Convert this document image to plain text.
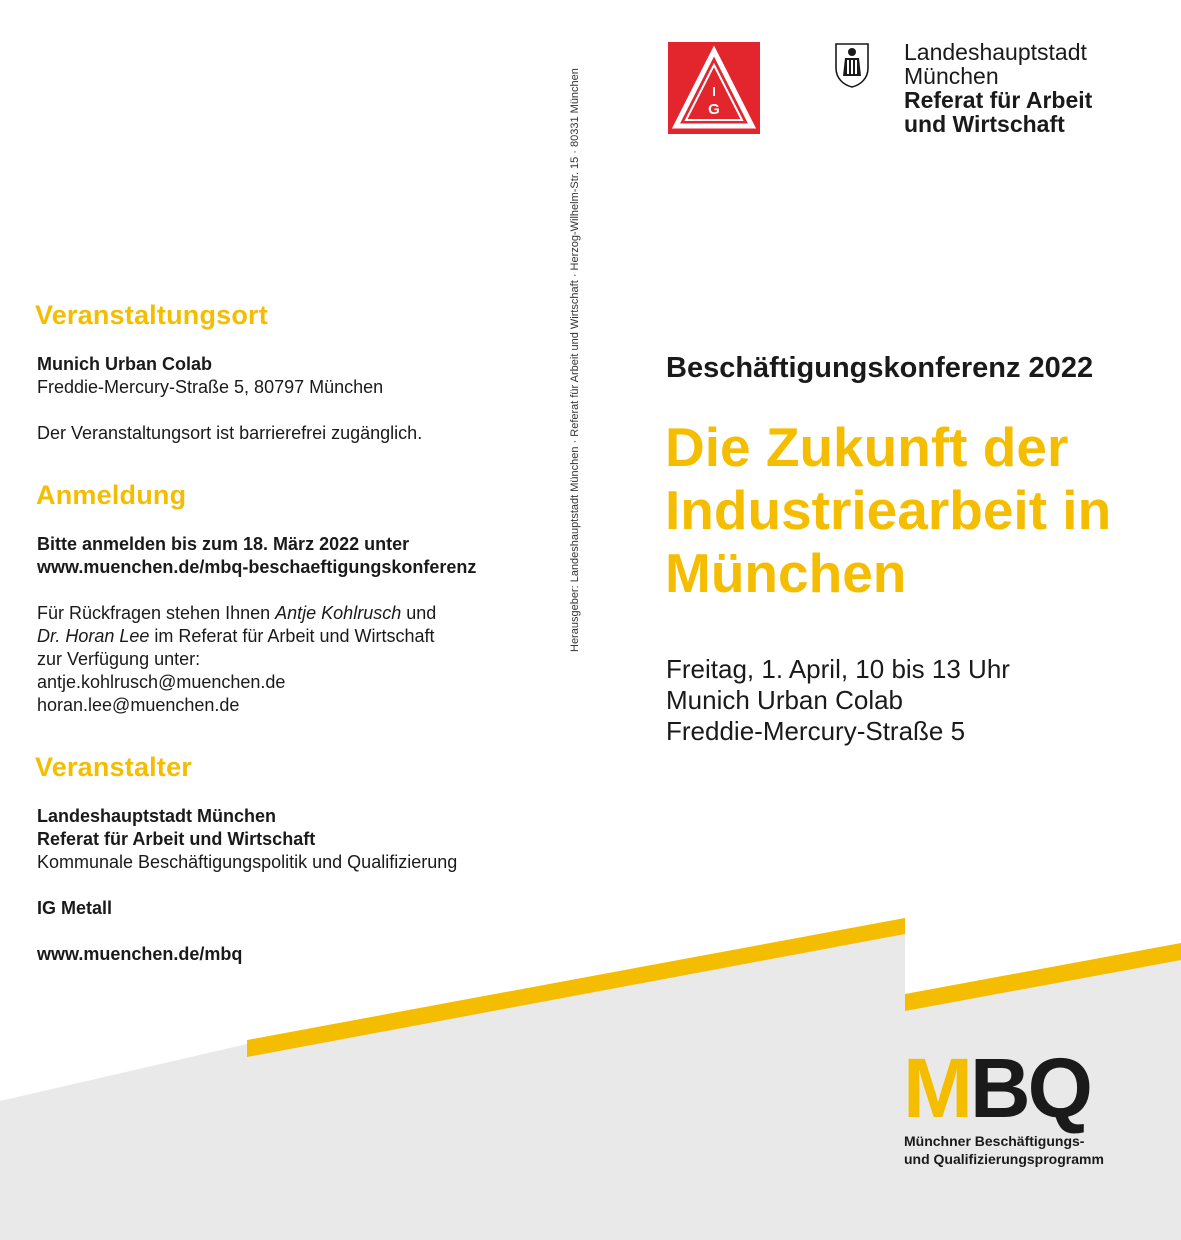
Veranstaltungsort
Munich Urban Colab
Freddie-Mercury-Straße 5, 80797 München
Der Veranstaltungsort ist barrierefrei zugänglich.
Anmeldung
Bitte anmelden bis zum 18. März 2022 unter
www.muenchen.de/mbq-beschaeftigungskonferenz
Für Rückfragen stehen Ihnen Antje Kohlrusch und
Dr. Horan Lee im Referat für Arbeit und Wirtschaft
zur Verfügung unter:
antje.kohlrusch@muenchen.de
horan.lee@muenchen.de
Veranstalter
Landeshauptstadt München
Referat für Arbeit und Wirtschaft
Kommunale Beschäftigungspolitik und Qualifizierung
IG Metall
www.muenchen.de/mbq
Herausgeber: Landeshauptstadt München · Referat für Arbeit und Wirtschaft · Herzog-Wilhelm-Str. 15 · 80331 München	I
G
Landeshauptstadt
München
Referat für Arbeit
und Wirtschaft
Beschäftigungskonferenz 2022
Die Zukunft der
Industriearbeit in
München
Freitag, 1. April, 10 bis 13 Uhr
Munich Urban Colab
Freddie-Mercury-Straße 5
MBQ
Münchner Beschäftigungs-
und Qualifizierungsprogramm
